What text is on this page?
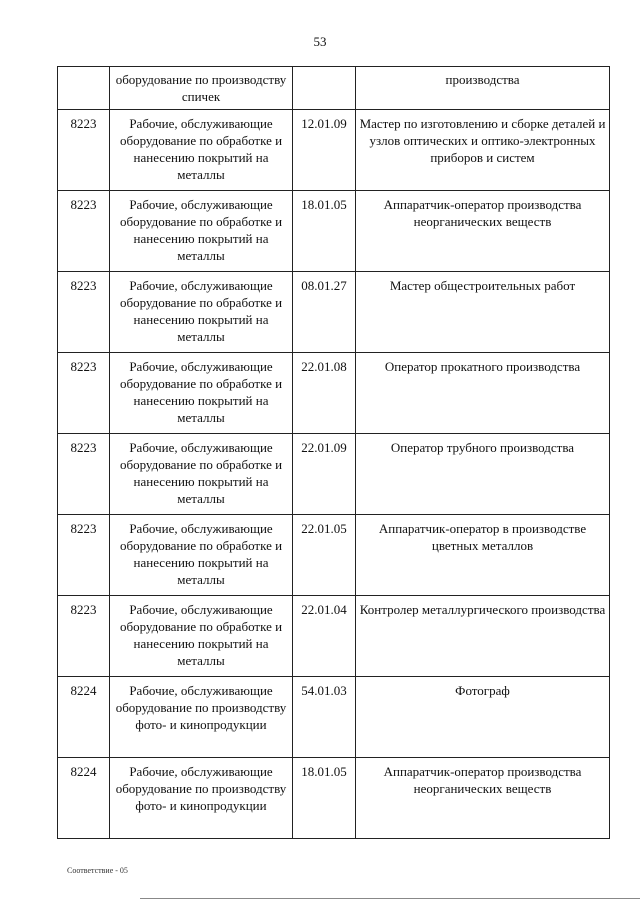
53
	оборудование по производству спичек		производства
8223	Рабочие, обслуживающие оборудование по обработке и нанесению покрытий на металлы	12.01.09	Мастер по изготовлению и сборке деталей и узлов оптических и оптико-электронных приборов и систем
8223	Рабочие, обслуживающие оборудование по обработке и нанесению покрытий на металлы	18.01.05	Аппаратчик-оператор производства неорганических веществ
8223	Рабочие, обслуживающие оборудование по обработке и нанесению покрытий на металлы	08.01.27	Мастер общестроительных работ
8223	Рабочие, обслуживающие оборудование по обработке и нанесению покрытий на металлы	22.01.08	Оператор прокатного производства
8223	Рабочие, обслуживающие оборудование по обработке и нанесению покрытий на металлы	22.01.09	Оператор трубного производства
8223	Рабочие, обслуживающие оборудование по обработке и нанесению покрытий на металлы	22.01.05	Аппаратчик-оператор в производстве цветных металлов
8223	Рабочие, обслуживающие оборудование по обработке и нанесению покрытий на металлы	22.01.04	Контролер металлургического производства
8224	Рабочие, обслуживающие оборудование по производству фото- и кинопродукции	54.01.03	Фотограф
8224	Рабочие, обслуживающие оборудование по производству фото- и кинопродукции	18.01.05	Аппаратчик-оператор производства неорганических веществ
Соответствие - 05
